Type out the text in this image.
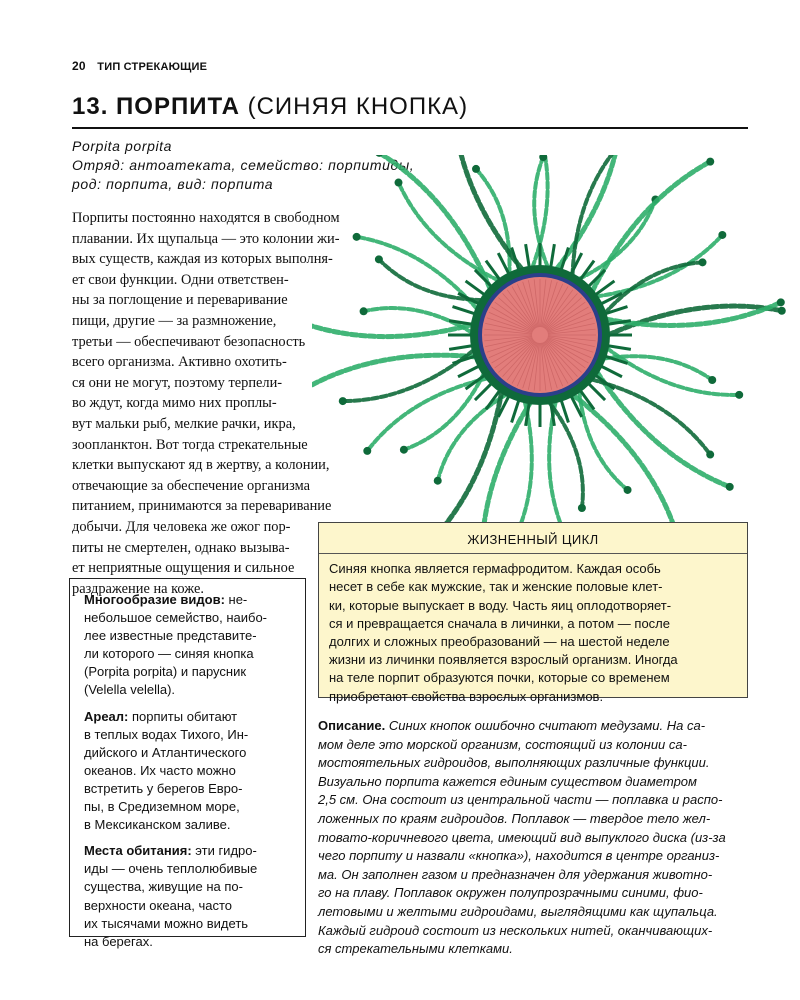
20 ТИП СТРЕКАЮЩИЕ
13. ПОРПИТА (СИНЯЯ КНОПКА)
Porpita porpita
Отряд: антоатеката, семейство: порпитиды,
род: порпита, вид: порпита
Порпиты постоянно находятся в свободном
плавании. Их щупальца — это колонии жи-
вых существ, каждая из которых выполня-
ет свои функции. Одни ответствен-
ны за поглощение и переваривание
пищи, другие — за размножение,
третьи — обеспечивают безопасность
всего организма. Активно охотить-
ся они не могут, поэтому терпели-
во ждут, когда мимо них проплы-
вут мальки рыб, мелкие рачки, икра,
зоопланктон. Вот тогда стрекательные
клетки выпускают яд в жертву, а колонии,
отвечающие за обеспечение организма
питанием, принимаются за переваривание
добычи. Для человека же ожог пор-
питы не смертелен, однако вызыва-
ет неприятные ощущения и сильное
раздражение на коже.
Многообразие видов: не-
небольшое семейство, наибо-
лее известные представите-
ли которого — синяя кнопка
(Porpita porpita) и парусник
(Velella velella).
Ареал: порпиты обитают
в теплых водах Тихого, Ин-
дийского и Атлантического
океанов. Их часто можно
встретить у берегов Евро-
пы, в Средиземном море,
в Мексиканском заливе.
Места обитания: эти гидро-
иды — очень теплолюбивые
существа, живущие на по-
верхности океана, часто
их тысячами можно видеть
на берегах.
ЖИЗНЕННЫЙ ЦИКЛ
Синяя кнопка является гермафродитом. Каждая особь
несет в себе как мужские, так и женские половые клет-
ки, которые выпускает в воду. Часть яиц оплодотворяет-
ся и превращается сначала в личинки, а потом — после
долгих и сложных преобразований — на шестой неделе
жизни из личинки появляется взрослый организм. Иногда
на теле порпит образуются почки, которые со временем
приобретают свойства взрослых организмов.
Описание. Синих кнопок ошибочно считают медузами. На са-
мом деле это морской организм, состоящий из колонии са-
мостоятельных гидроидов, выполняющих различные функции.
Визуально порпита кажется единым существом диаметром
2,5 см. Она состоит из центральной части — поплавка и распо-
ложенных по краям гидроидов. Поплавок — твердое тело жел-
товато-коричневого цвета, имеющий вид выпуклого диска (из-за
чего порпиту и назвали «кнопка»), находится в центре организ-
ма. Он заполнен газом и предназначен для удержания животно-
го на плаву. Поплавок окружен полупрозрачными синими, фио-
летовыми и желтыми гидроидами, выглядящими как щупальца.
Каждый гидроид состоит из нескольких нитей, оканчивающих-
ся стрекательными клетками.
